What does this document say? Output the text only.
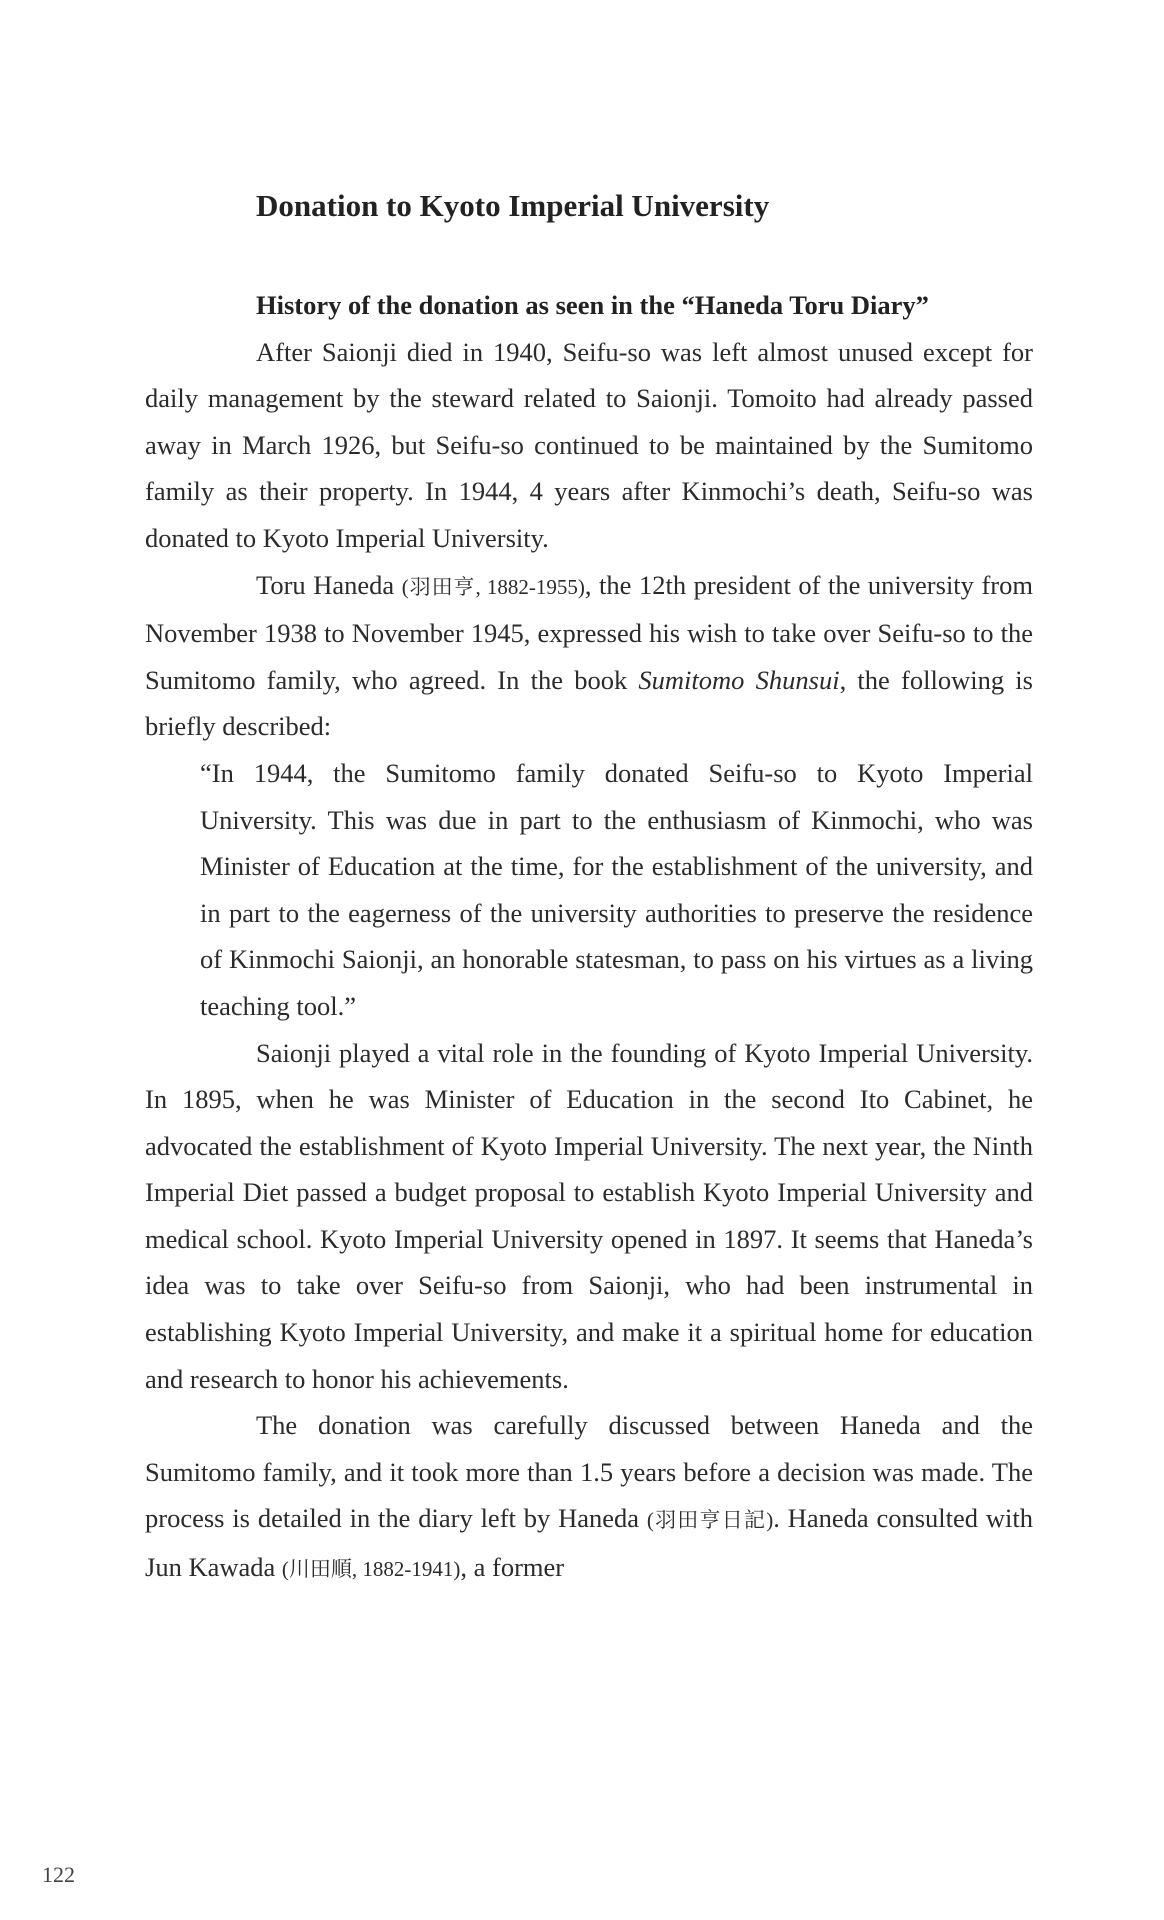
Donation to Kyoto Imperial University

History of the donation as seen in the “Haneda Toru Diary”

After Saionji died in 1940, Seifu-so was left almost unused except for daily management by the steward related to Saionji. Tomoito had already passed away in March 1926, but Seifu-so continued to be maintained by the Sumitomo family as their property. In 1944, 4 years after Kinmochi’s death, Seifu-so was donated to Kyoto Imperial University.

Toru Haneda (羽田亨, 1882-1955), the 12th president of the university from November 1938 to November 1945, expressed his wish to take over Seifu-so to the Sumitomo family, who agreed. In the book Sumitomo Shunsui, the following is briefly described:

“In 1944, the Sumitomo family donated Seifu-so to Kyoto Imperial University. This was due in part to the enthusiasm of Kinmochi, who was Minister of Education at the time, for the establishment of the university, and in part to the eagerness of the university authorities to preserve the residence of Kinmochi Saionji, an honorable statesman, to pass on his virtues as a living teaching tool.”

Saionji played a vital role in the founding of Kyoto Imperial University. In 1895, when he was Minister of Education in the second Ito Cabinet, he advocated the establishment of Kyoto Imperial University. The next year, the Ninth Imperial Diet passed a budget proposal to establish Kyoto Imperial University and medical school. Kyoto Imperial University opened in 1897. It seems that Haneda’s idea was to take over Seifu-so from Saionji, who had been instrumental in establishing Kyoto Imperial University, and make it a spiritual home for education and research to honor his achievements.

The donation was carefully discussed between Haneda and the Sumitomo family, and it took more than 1.5 years before a decision was made. The process is detailed in the diary left by Haneda (羽田亨日記). Haneda consulted with Jun Kawada (川田順, 1882-1941), a former

122
